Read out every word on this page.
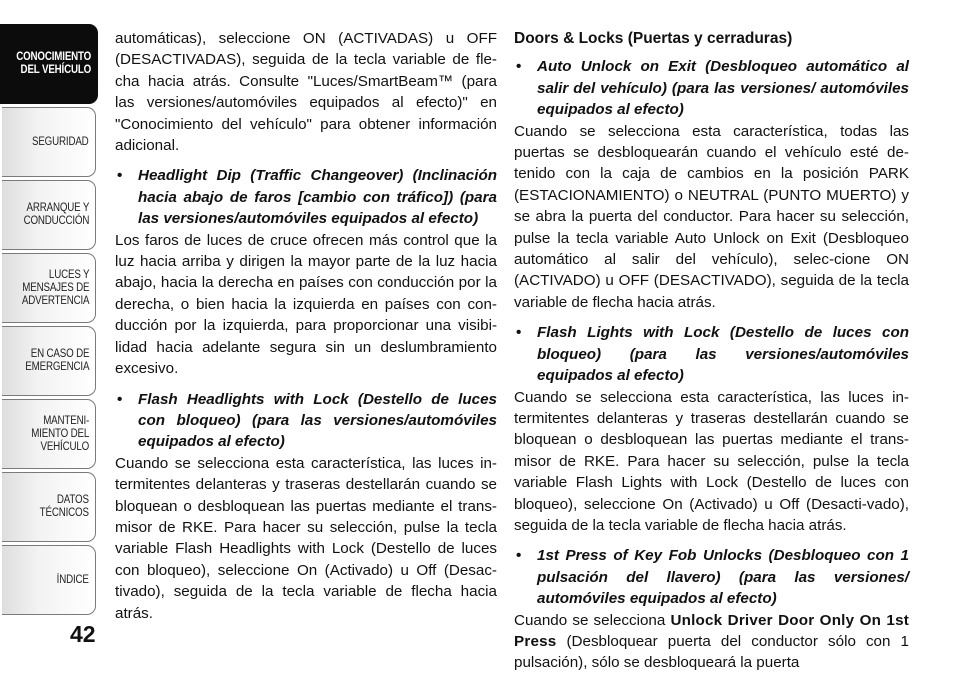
CONOCIMIENTO
DEL VEHÍCULO
SEGURIDAD
ARRANQUE Y
CONDUCCIÓN
LUCES Y
MENSAJES DE
ADVERTENCIA
EN CASO DE
EMERGENCIA
MANTENI-
MIENTO DEL
VEHÍCULO
DATOS
TÉCNICOS
ÍNDICE
42

automáticas), seleccione ON (ACTIVADAS) u OFF (DESACTIVADAS), seguida de la tecla variable de fle-cha hacia atrás. Consulte "Luces/SmartBeam™ (para las versiones/automóviles equipados al efecto)" en "Conocimiento del vehículo" para obtener información adicional.

• Headlight Dip (Traffic Changeover) (Inclinación hacia abajo de faros [cambio con tráfico]) (para las versiones/automóviles equipados al efecto)

Los faros de luces de cruce ofrecen más control que la luz hacia arriba y dirigen la mayor parte de la luz hacia abajo, hacia la derecha en países con conducción por la derecha, o bien hacia la izquierda en países con con-ducción por la izquierda, para proporcionar una visibi-lidad hacia adelante segura sin un deslumbramiento excesivo.

• Flash Headlights with Lock (Destello de luces con bloqueo) (para las versiones/automóviles equipados al efecto)

Cuando se selecciona esta característica, las luces in-termitentes delanteras y traseras destellarán cuando se bloquean o desbloquean las puertas mediante el trans-misor de RKE. Para hacer su selección, pulse la tecla variable Flash Headlights with Lock (Destello de luces con bloqueo), seleccione On (Activado) u Off (Desac-tivado), seguida de la tecla variable de flecha hacia atrás.

Doors & Locks (Puertas y cerraduras)

• Auto Unlock on Exit (Desbloqueo automático al salir del vehículo) (para las versiones/ automóviles equipados al efecto)

Cuando se selecciona esta característica, todas las puertas se desbloquearán cuando el vehículo esté de-tenido con la caja de cambios en la posición PARK (ESTACIONAMIENTO) o NEUTRAL (PUNTO MUERTO) y se abra la puerta del conductor. Para hacer su selección, pulse la tecla variable Auto Unlock on Exit (Desbloqueo automático al salir del vehículo), selec-cione ON (ACTIVADO) u OFF (DESACTIVADO), seguida de la tecla variable de flecha hacia atrás.

• Flash Lights with Lock (Destello de luces con bloqueo) (para las versiones/automóviles equipados al efecto)

Cuando se selecciona esta característica, las luces in-termitentes delanteras y traseras destellarán cuando se bloquean o desbloquean las puertas mediante el trans-misor de RKE. Para hacer su selección, pulse la tecla variable Flash Lights with Lock (Destello de luces con bloqueo), seleccione On (Activado) u Off (Desacti-vado), seguida de la tecla variable de flecha hacia atrás.

• 1st Press of Key Fob Unlocks (Desbloqueo con 1 pulsación del llavero) (para las versiones/ automóviles equipados al efecto)

Cuando se selecciona Unlock Driver Door Only On 1st Press (Desbloquear puerta del conductor sólo con 1 pulsación), sólo se desbloqueará la puerta
